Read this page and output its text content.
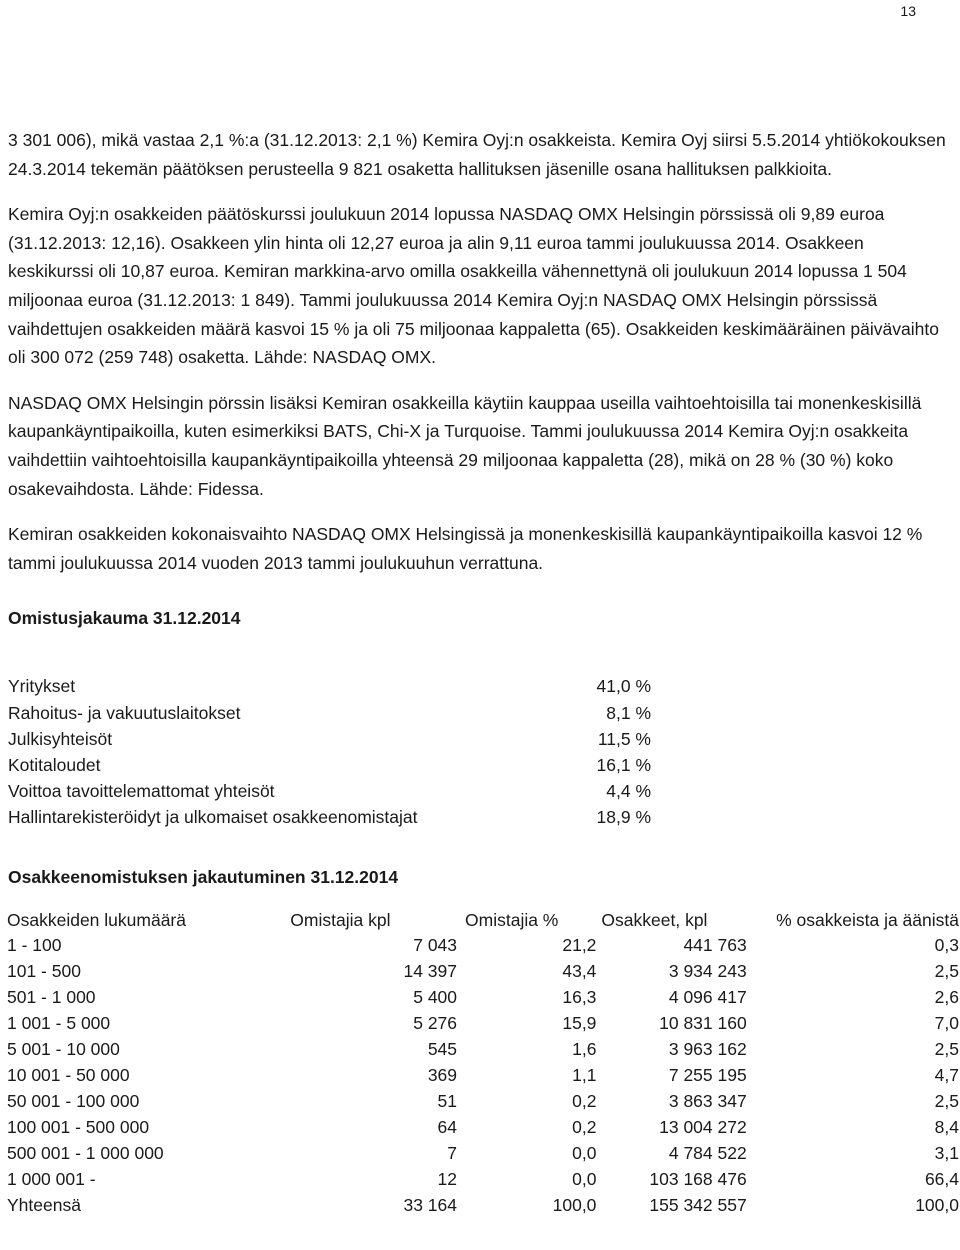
13

3 301 006), mikä vastaa 2,1 %:a (31.12.2013: 2,1 %) Kemira Oyj:n osakkeista. Kemira Oyj siirsi 5.5.2014 yhtiökokouksen 24.3.2014 tekemän päätöksen perusteella 9 821 osaketta hallituksen jäsenille osana hallituksen palkkioita.

Kemira Oyj:n osakkeiden päätöskurssi joulukuun 2014 lopussa NASDAQ OMX Helsingin pörssissä oli 9,89 euroa (31.12.2013: 12,16). Osakkeen ylin hinta oli 12,27 euroa ja alin 9,11 euroa tammi joulukuussa 2014. Osakkeen keskikurssi oli 10,87 euroa. Kemiran markkina-arvo omilla osakkeilla vähennettynä oli joulukuun 2014 lopussa 1 504 miljoonaa euroa (31.12.2013: 1 849). Tammi joulukuussa 2014 Kemira Oyj:n NASDAQ OMX Helsingin pörssissä vaihdettujen osakkeiden määrä kasvoi 15 % ja oli 75 miljoonaa kappaletta (65). Osakkeiden keskimääräinen päivävaihto oli 300 072 (259 748) osaketta. Lähde: NASDAQ OMX.

NASDAQ OMX Helsingin pörssin lisäksi Kemiran osakkeilla käytiin kauppaa useilla vaihtoehtoisilla tai monenkeskisillä kaupankäyntipaikoilla, kuten esimerkiksi BATS, Chi-X ja Turquoise. Tammi joulukuussa 2014 Kemira Oyj:n osakkeita vaihdettiin vaihtoehtoisilla kaupankäyntipaikoilla yhteensä 29 miljoonaa kappaletta (28), mikä on 28 % (30 %) koko osakevaihdosta. Lähde: Fidessa.

Kemiran osakkeiden kokonaisvaihto NASDAQ OMX Helsingissä ja monenkeskisillä kaupankäyntipaikoilla kasvoi 12 % tammi joulukuussa 2014 vuoden 2013 tammi joulukuuhun verrattuna.

Omistusjakauma 31.12.2014
Yritykset	41,0 %
Rahoitus- ja vakuutuslaitokset	8,1 %
Julkisyhteisöt	11,5 %
Kotitaloudet	16,1 %
Voittoa tavoittelemattomat yhteisöt	4,4 %
Hallintarekisteröidyt ja ulkomaiset osakkeenomistajat	18,9 %
Osakkeenomistuksen jakautuminen 31.12.2014
Osakkeiden lukumäärä	Omistajia kpl	Omistajia %	Osakkeet, kpl	% osakkeista ja äänistä
1 - 100	7 043	21,2	441 763	0,3
101 - 500	14 397	43,4	3 934 243	2,5
501 - 1 000	5 400	16,3	4 096 417	2,6
1 001 - 5 000	5 276	15,9	10 831 160	7,0
5 001 - 10 000	545	1,6	3 963 162	2,5
10 001 - 50 000	369	1,1	7 255 195	4,7
50 001 - 100 000	51	0,2	3 863 347	2,5
100 001 - 500 000	64	0,2	13 004 272	8,4
500 001 - 1 000 000	7	0,0	4 784 522	3,1
1 000 001 -	12	0,0	103 168 476	66,4
Yhteensä	33 164	100,0	155 342 557	100,0
